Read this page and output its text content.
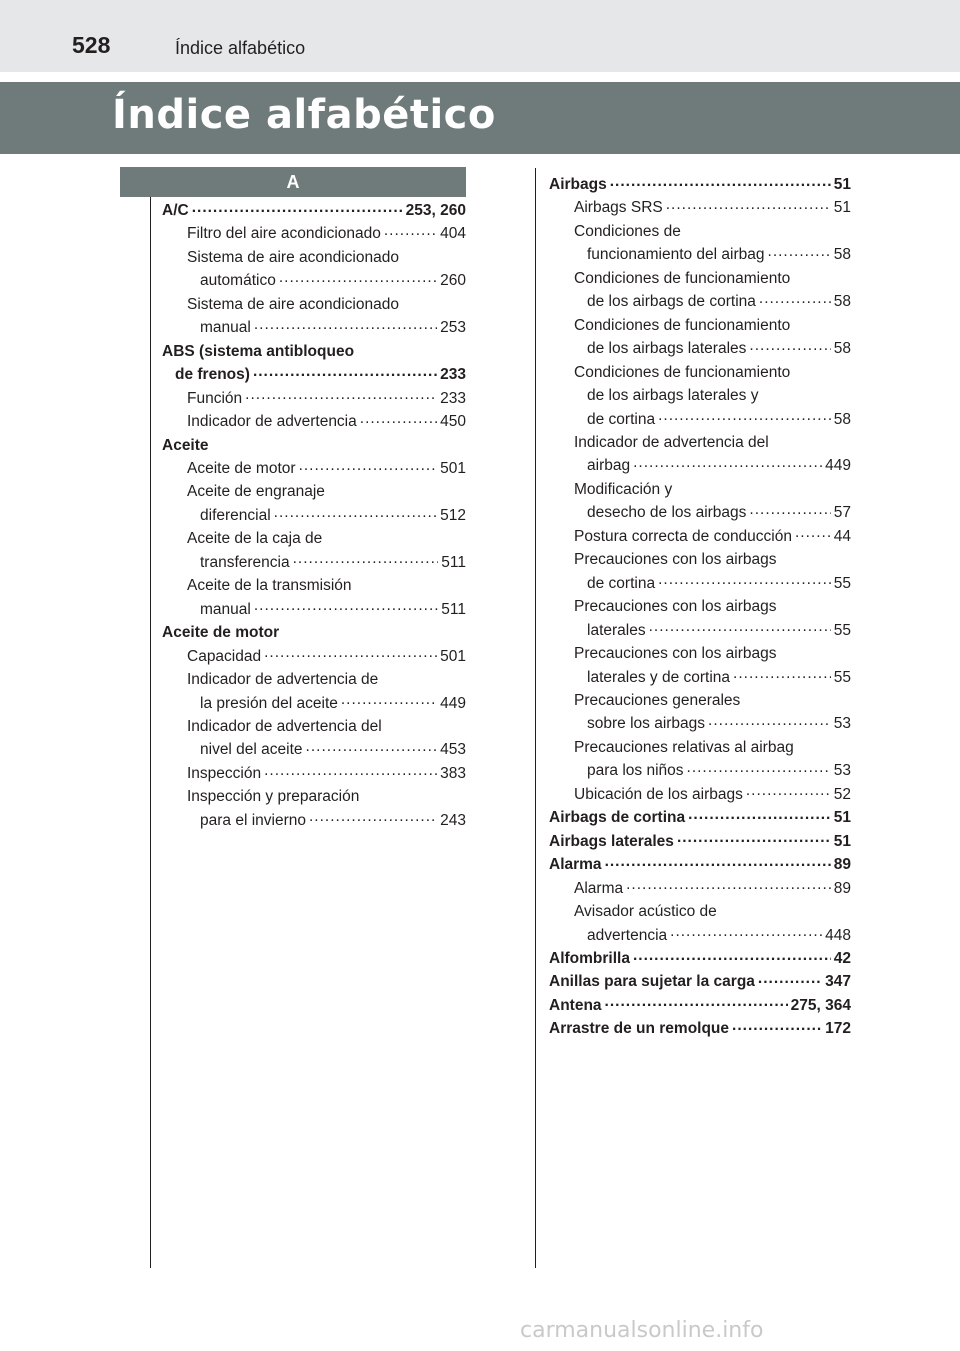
528	Índice alfabético
Índice alfabético
A
A/C .....	253, 260
Filtro del aire acondicionado .....	404
Sistema de aire acondicionado
automático .....	260
Sistema de aire acondicionado
manual .....	253
ABS (sistema antibloqueo
de frenos) .....	233
Función .....	233
Indicador de advertencia .....	450
Aceite
Aceite de motor .....	501
Aceite de engranaje
diferencial .....	512
Aceite de la caja de
transferencia .....	511
Aceite de la transmisión
manual .....	511
Aceite de motor
Capacidad .....	501
Indicador de advertencia de
la presión del aceite .....	449
Indicador de advertencia del
nivel del aceite .....	453
Inspección .....	383
Inspección y preparación
para el invierno .....	243
Airbags .....	51
Airbags SRS .....	51
Condiciones de
funcionamiento del airbag .....	58
Condiciones de funcionamiento
de los airbags de cortina .....	58
Condiciones de funcionamiento
de los airbags laterales .....	58
Condiciones de funcionamiento
de los airbags laterales y
de cortina .....	58
Indicador de advertencia del
airbag .....	449
Modificación y
desecho de los airbags .....	57
Postura correcta de conducción .....	44
Precauciones con los airbags
de cortina .....	55
Precauciones con los airbags
laterales .....	55
Precauciones con los airbags
laterales y de cortina .....	55
Precauciones generales
sobre los airbags .....	53
Precauciones relativas al airbag
para los niños .....	53
Ubicación de los airbags .....	52
Airbags de cortina .....	51
Airbags laterales .....	51
Alarma .....	89
Alarma .....	89
Avisador acústico de
advertencia .....	448
Alfombrilla .....	42
Anillas para sujetar la carga .....	347
Antena .....	275, 364
Arrastre de un remolque .....	172
carmanualsonline.info
